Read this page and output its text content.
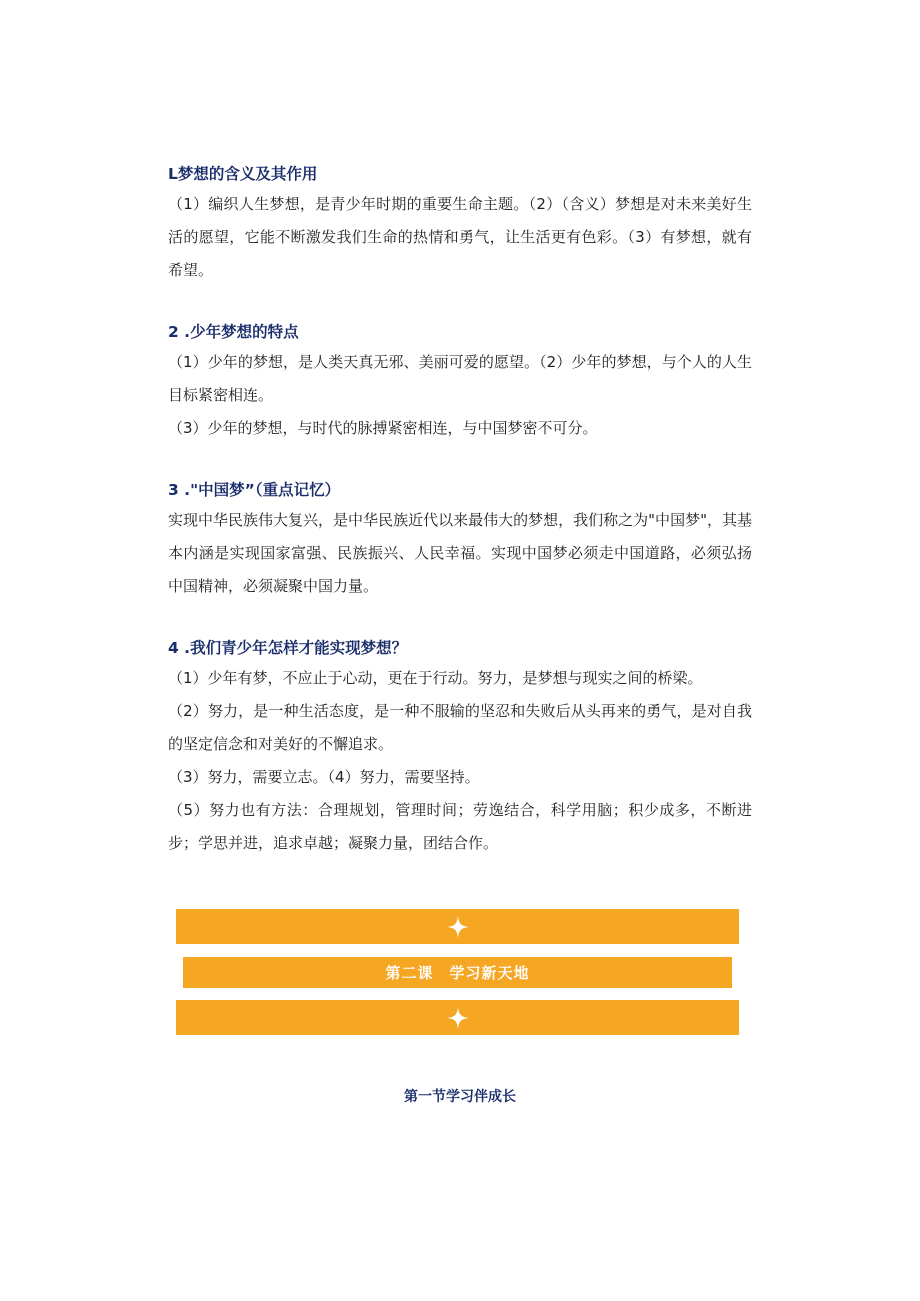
L梦想的含义及其作用

（1）编织人生梦想，是青少年时期的重要生命主题。（2）（含义）梦想是对未来美好生活的愿望，它能不断激发我们生命的热情和勇气，让生活更有色彩。（3）有梦想，就有希望。

2 .少年梦想的特点

（1）少年的梦想，是人类天真无邪、美丽可爱的愿望。（2）少年的梦想，与个人的人生目标紧密相连。

（3）少年的梦想，与时代的脉搏紧密相连，与中国梦密不可分。

3 ."中国梦”（重点记忆）

实现中华民族伟大复兴，是中华民族近代以来最伟大的梦想，我们称之为"中国梦"，其基本内涵是实现国家富强、民族振兴、人民幸福。实现中国梦必须走中国道路，必须弘扬中国精神，必须凝聚中国力量。

4 .我们青少年怎样才能实现梦想？

（1）少年有梦，不应止于心动，更在于行动。努力，是梦想与现实之间的桥梁。

（2）努力，是一种生活态度，是一种不服输的坚忍和失败后从头再来的勇气，是对自我的坚定信念和对美好的不懈追求。

（3）努力，需要立志。（4）努力，需要坚持。

（5）努力也有方法：合理规划，管理时间；劳逸结合，科学用脑；积少成多，不断进步；学思并进，追求卓越；凝聚力量，团结合作。

第二课　学习新天地
第一节学习伴成长
